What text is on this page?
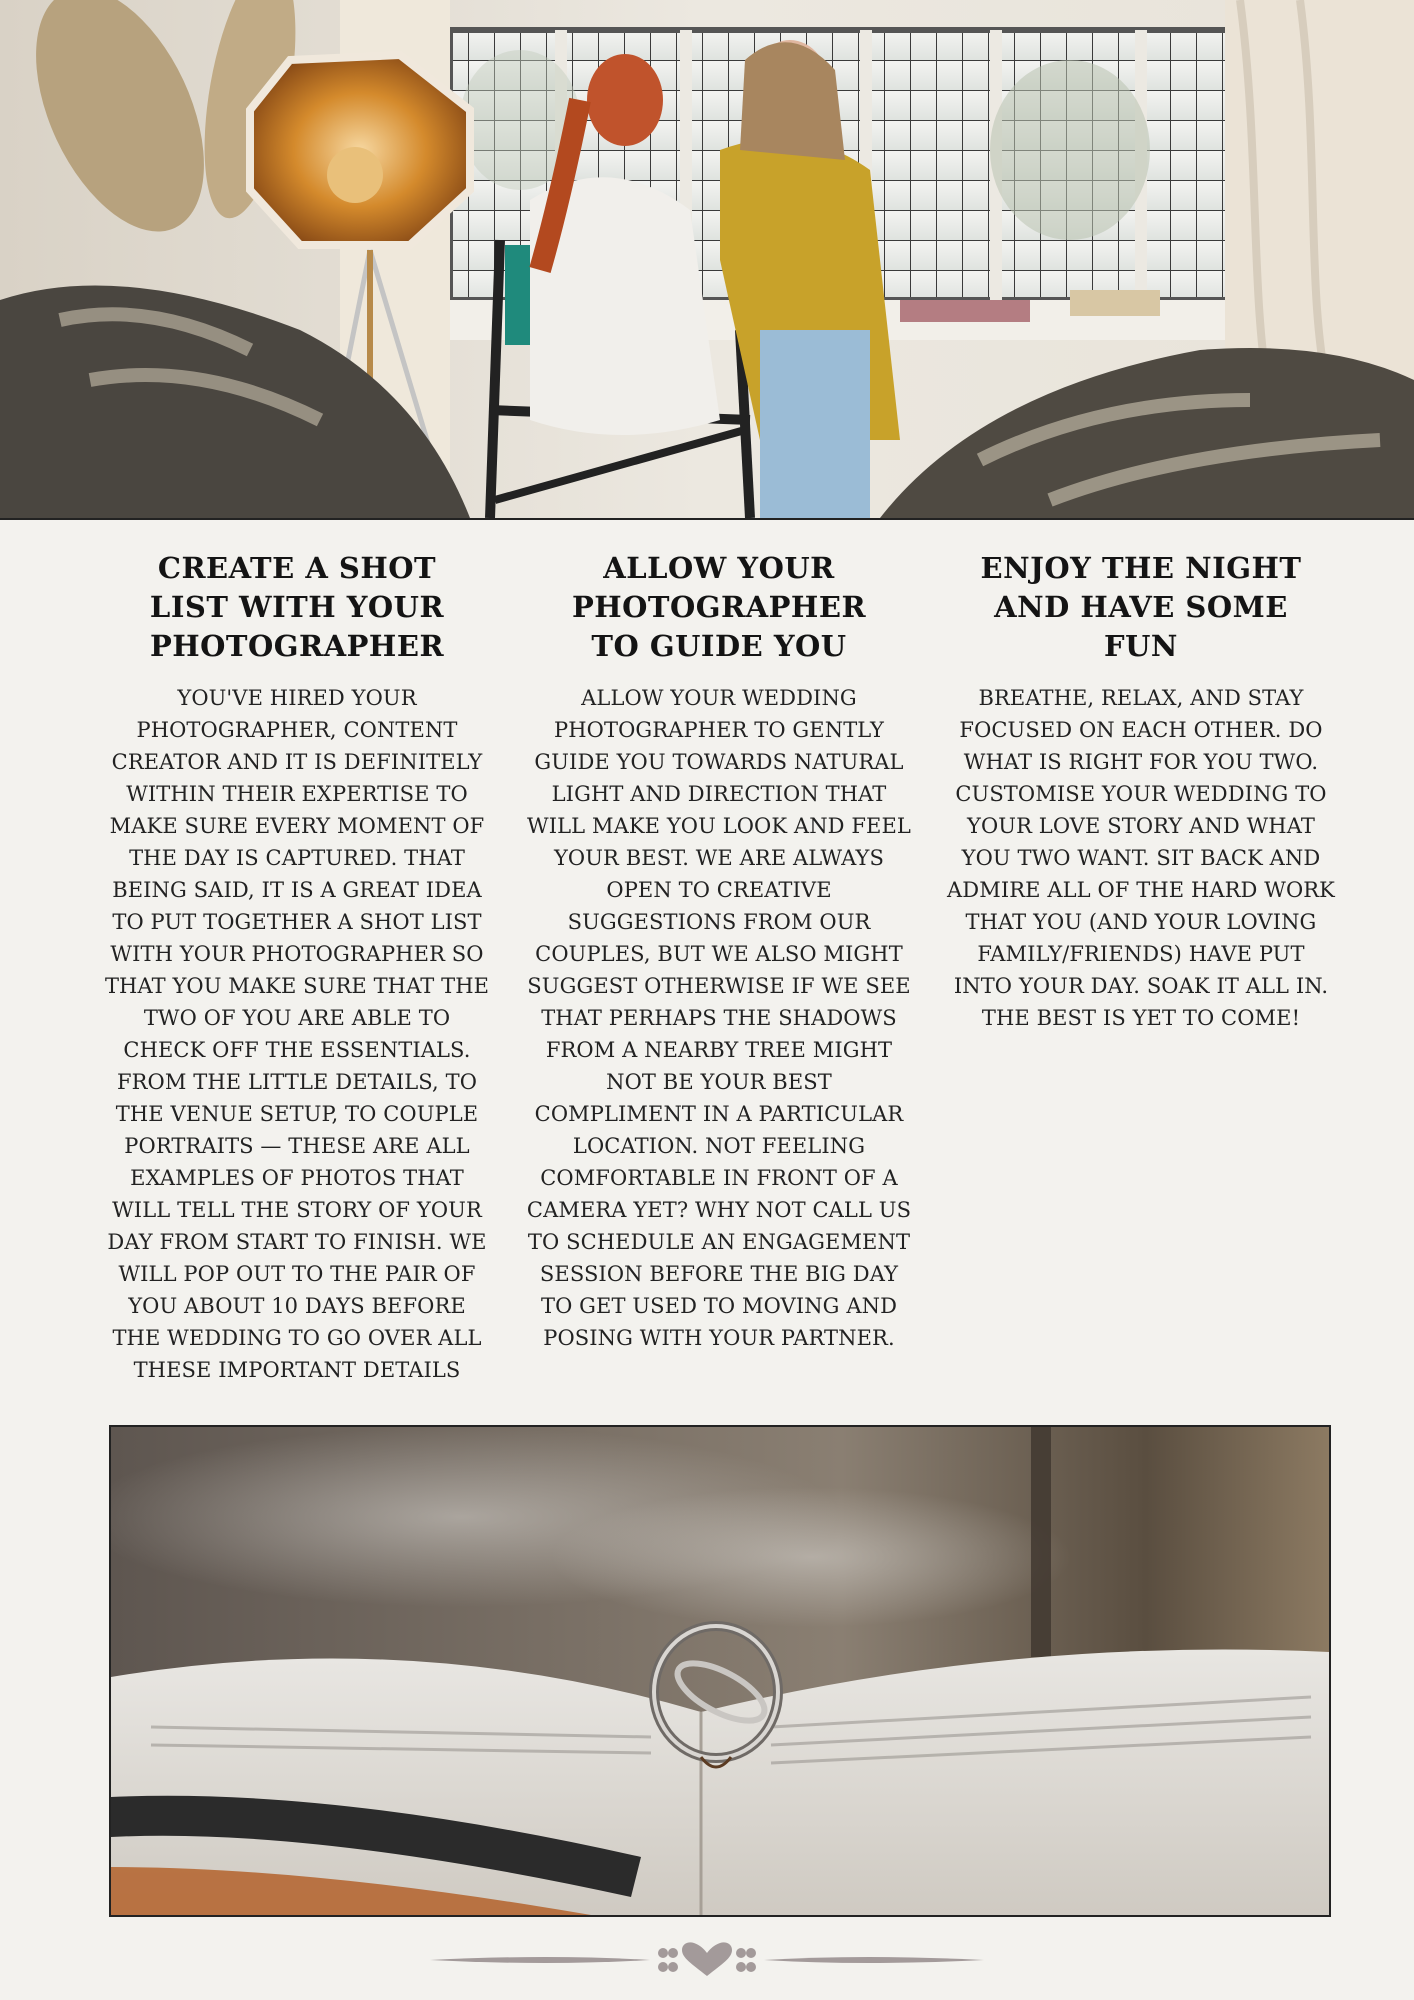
CREATE A SHOT LIST WITH YOUR PHOTOGRAPHER

YOU'VE HIRED YOUR PHOTOGRAPHER, CONTENT CREATOR AND IT IS DEFINITELY WITHIN THEIR EXPERTISE TO MAKE SURE EVERY MOMENT OF THE DAY IS CAPTURED. THAT BEING SAID, IT IS A GREAT IDEA TO PUT TOGETHER A SHOT LIST WITH YOUR PHOTOGRAPHER SO THAT YOU MAKE SURE THAT THE TWO OF YOU ARE ABLE TO CHECK OFF THE ESSENTIALS. FROM THE LITTLE DETAILS, TO THE VENUE SETUP, TO COUPLE PORTRAITS — THESE ARE ALL EXAMPLES OF PHOTOS THAT WILL TELL THE STORY OF YOUR DAY FROM START TO FINISH. WE WILL POP OUT TO THE PAIR OF YOU ABOUT 10 DAYS BEFORE THE WEDDING TO GO OVER ALL THESE IMPORTANT DETAILS

ALLOW YOUR PHOTOGRAPHER TO GUIDE YOU

ALLOW YOUR WEDDING PHOTOGRAPHER TO GENTLY GUIDE YOU TOWARDS NATURAL LIGHT AND DIRECTION THAT WILL MAKE YOU LOOK AND FEEL YOUR BEST. WE ARE ALWAYS OPEN TO CREATIVE SUGGESTIONS FROM OUR COUPLES, BUT WE ALSO MIGHT SUGGEST OTHERWISE IF WE SEE THAT PERHAPS THE SHADOWS FROM A NEARBY TREE MIGHT NOT BE YOUR BEST COMPLIMENT IN A PARTICULAR LOCATION. NOT FEELING COMFORTABLE IN FRONT OF A CAMERA YET? WHY NOT CALL US TO SCHEDULE AN ENGAGEMENT SESSION BEFORE THE BIG DAY TO GET USED TO MOVING AND POSING WITH YOUR PARTNER.

ENJOY THE NIGHT AND HAVE SOME FUN

BREATHE, RELAX, AND STAY FOCUSED ON EACH OTHER. DO WHAT IS RIGHT FOR YOU TWO. CUSTOMISE YOUR WEDDING TO YOUR LOVE STORY AND WHAT YOU TWO WANT. SIT BACK AND ADMIRE ALL OF THE HARD WORK THAT YOU (AND YOUR LOVING FAMILY/FRIENDS) HAVE PUT INTO YOUR DAY. SOAK IT ALL IN. THE BEST IS YET TO COME!
